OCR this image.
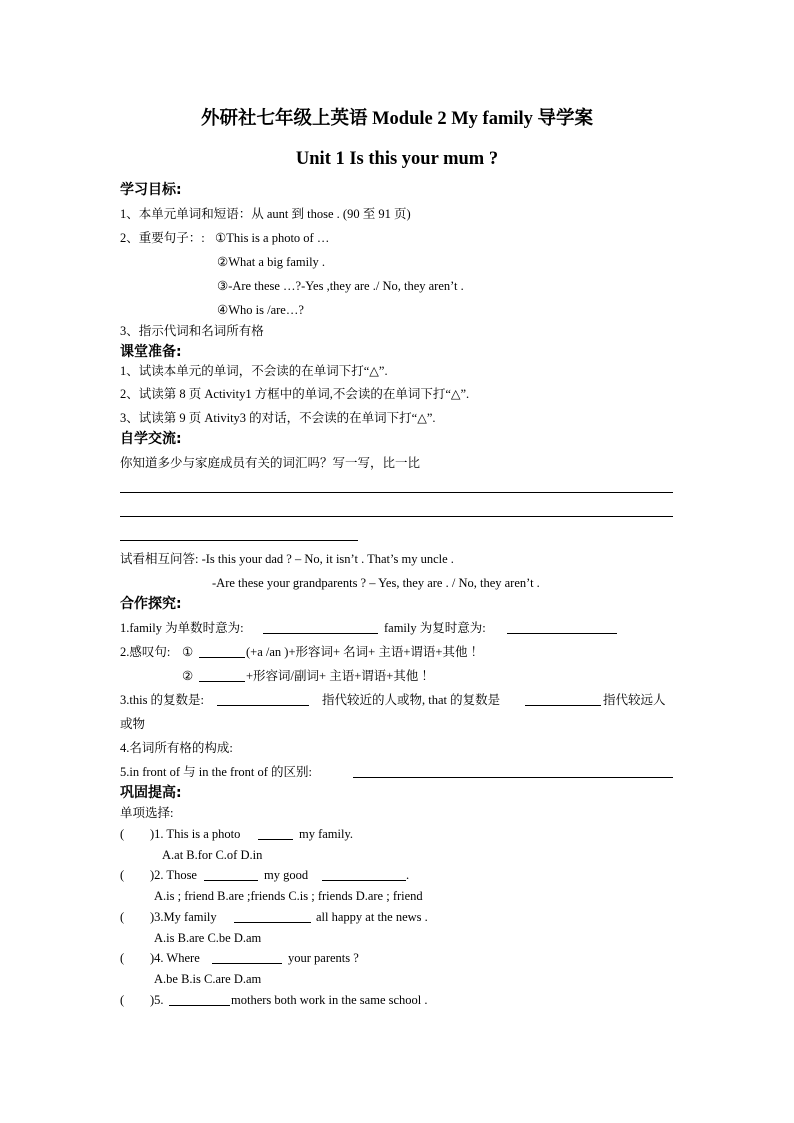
外研社七年级上英语 Module 2 My family 导学案
Unit 1 Is this your mum ?
学习目标:
1、本单元单词和短语：从 aunt 到 those . (90 至 91 页)
2、重要句子：: ①This is a photo of …
②What a big family .
③-Are these …?-Yes ,they are ./ No, they aren’t .
④Who is /are…?
3、指示代词和名词所有格
课堂准备:
1、试读本单元的单词，不会读的在单词下打“△”.
2、试读第 8 页 Activity1 方框中的单词,不会读的在单词下打“△”.
3、试读第 9 页 Ativity3 的对话，不会读的在单词下打“△”.
自学交流:
你知道多少与家庭成员有关的词汇吗？写一写，比一比
试看相互问答: -Is this your dad ? – No, it isn’t . That’s my uncle .
-Are these your grandparents ? – Yes, they are . / No, they aren’t .
合作探究:
1.family 为单数时意为:	family 为复时意为:
2.感叹句: ①	(+a /an )+形容词+ 名词+ 主语+谓语+其他 ！
②	+形容词/副词+ 主语+谓语+其他 ！
3.this 的复数是:	指代较近的人或物, that 的复数是	指代较远人
或物
4.名词所有格的构成:
5.in front of 与 in the front of 的区别:
巩固提高:
单项选择:
( )1. This is a photo	my family.
A.at B.for C.of D.in
( )2. Those	my good	.
A.is ; friend B.are ;friends C.is ; friends D.are ; friend
( )3.My family	all happy at the news .
A.is B.are C.be D.am
( )4. Where	your parents ?
A.be B.is C.are D.am
( )5.	mothers both work in the same school .
